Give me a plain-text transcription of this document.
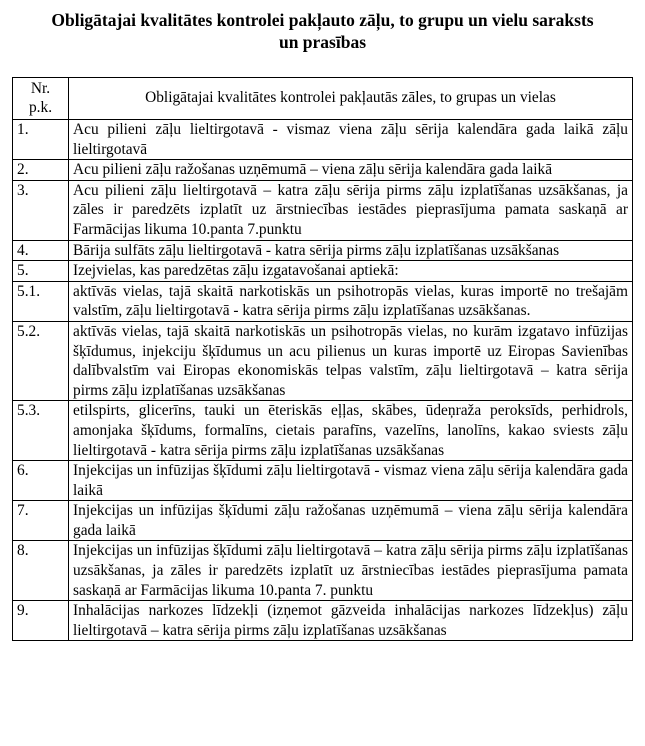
Obligātajai kvalitātes kontrolei pakļauto zāļu, to grupu un vielu saraksts
un prasības
Nr.
p.k.	Obligātajai kvalitātes kontrolei pakļautās zāles, to grupas un vielas
1.	Acu pilieni zāļu lieltirgotavā - vismaz viena zāļu sērija kalendāra gada laikā zāļu lieltirgotavā
2.	Acu pilieni zāļu ražošanas uzņēmumā – viena zāļu sērija kalendāra gada laikā
3.	Acu pilieni zāļu lieltirgotavā – katra zāļu sērija pirms zāļu izplatīšanas uzsākšanas, ja zāles ir paredzēts izplatīt uz ārstniecības iestādes pieprasījuma pamata saskaņā ar Farmācijas likuma 10.panta 7.punktu
4.	Bārija sulfāts zāļu lieltirgotavā - katra sērija pirms zāļu izplatīšanas uzsākšanas
5.	Izejvielas, kas paredzētas zāļu izgatavošanai aptiekā:
5.1.	aktīvās vielas, tajā skaitā narkotiskās un psihotropās vielas, kuras importē no trešajām valstīm, zāļu lieltirgotavā - katra sērija pirms zāļu izplatīšanas uzsākšanas.
5.2.	aktīvās vielas, tajā skaitā narkotiskās un psihotropās vielas, no kurām izgatavo infūzijas šķīdumus, injekciju šķīdumus un acu pilienus un kuras importē uz Eiropas Savienības dalībvalstīm vai Eiropas ekonomiskās telpas valstīm, zāļu lieltirgotavā – katra sērija pirms zāļu izplatīšanas uzsākšanas
5.3.	etilspirts, glicerīns, tauki un ēteriskās eļļas, skābes, ūdeņraža peroksīds, perhidrols, amonjaka šķīdums, formalīns, cietais parafīns, vazelīns, lanolīns, kakao sviests zāļu lieltirgotavā - katra sērija pirms zāļu izplatīšanas uzsākšanas
6.	Injekcijas un infūzijas šķīdumi zāļu lieltirgotavā - vismaz viena zāļu sērija kalendāra gada laikā
7.	Injekcijas un infūzijas šķīdumi zāļu ražošanas uzņēmumā – viena zāļu sērija kalendāra gada laikā
8.	Injekcijas un infūzijas šķīdumi zāļu lieltirgotavā – katra zāļu sērija pirms zāļu izplatīšanas uzsākšanas, ja zāles ir paredzēts izplatīt uz ārstniecības iestādes pieprasījuma pamata saskaņā ar Farmācijas likuma 10.panta 7. punktu
9.	Inhalācijas narkozes līdzekļi (izņemot gāzveida inhalācijas narkozes līdzekļus) zāļu lieltirgotavā – katra sērija pirms zāļu izplatīšanas uzsākšanas
